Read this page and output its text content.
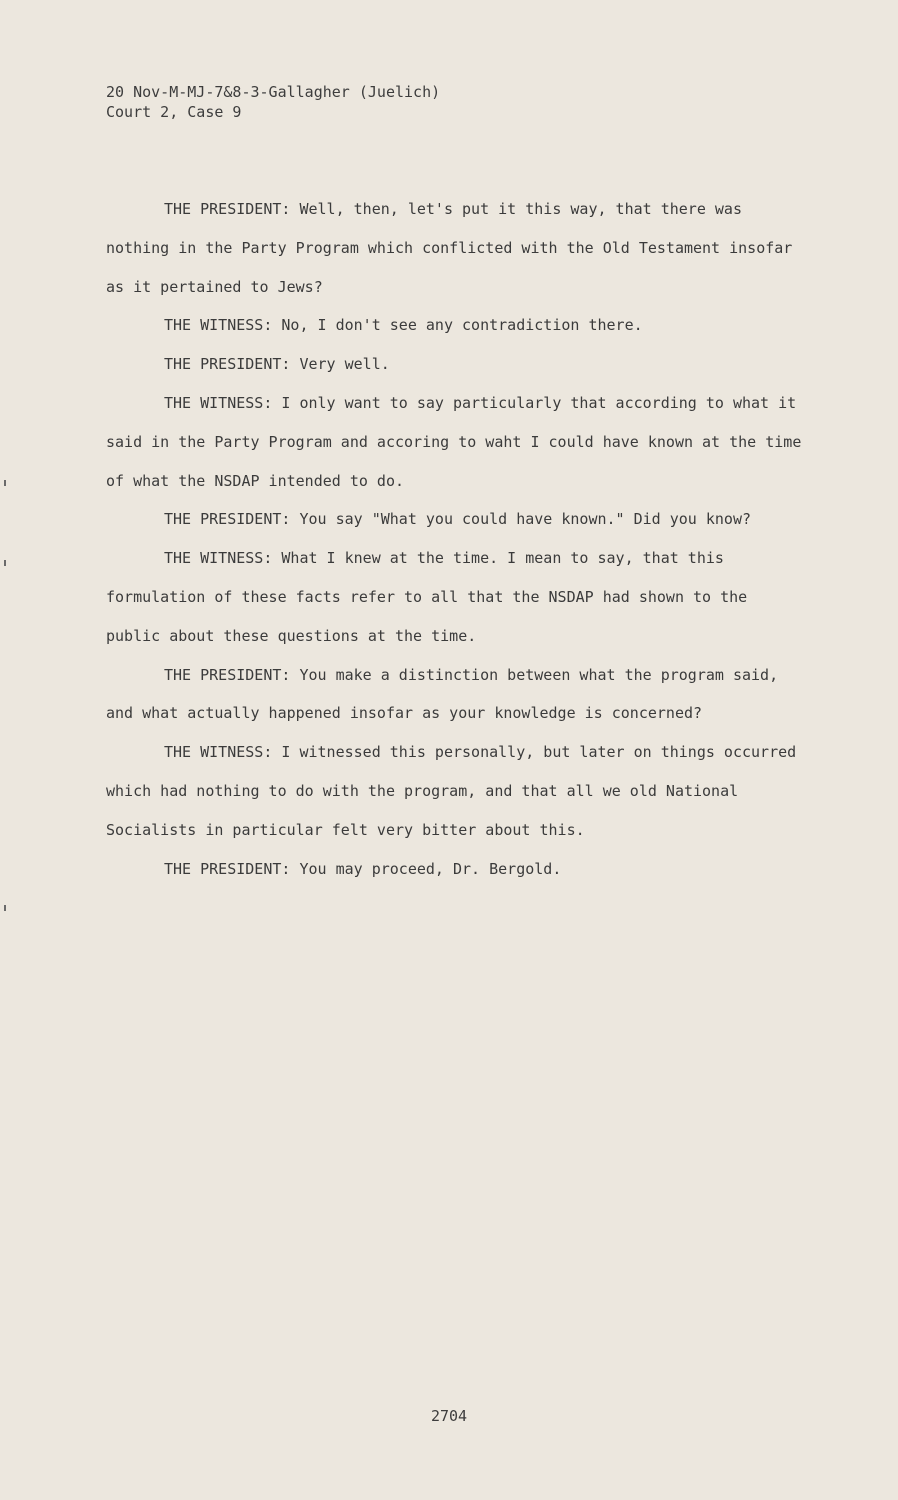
20 Nov-M-MJ-7&8-3-Gallagher (Juelich)
Court 2, Case 9

THE PRESIDENT: Well, then, let's put it this way, that there was nothing in the Party Program which conflicted with the Old Testament insofar as it pertained to Jews?

THE WITNESS: No, I don't see any contradiction there.

THE PRESIDENT: Very well.

THE WITNESS: I only want to say particularly that according to what it said in the Party Program and accoring to waht I could have known at the time of what the NSDAP intended to do.

THE PRESIDENT: You say "What you could have known." Did you know?

THE WITNESS: What I knew at the time. I mean to say, that this formulation of these facts refer to all that the NSDAP had shown to the public about these questions at the time.

THE PRESIDENT: You make a distinction between what the program said, and what actually happened insofar as your knowledge is concerned?

THE WITNESS: I witnessed this personally, but later on things occurred which had nothing to do with the program, and that all we old National Socialists in particular felt very bitter about this.

THE PRESIDENT: You may proceed, Dr. Bergold.

2704
